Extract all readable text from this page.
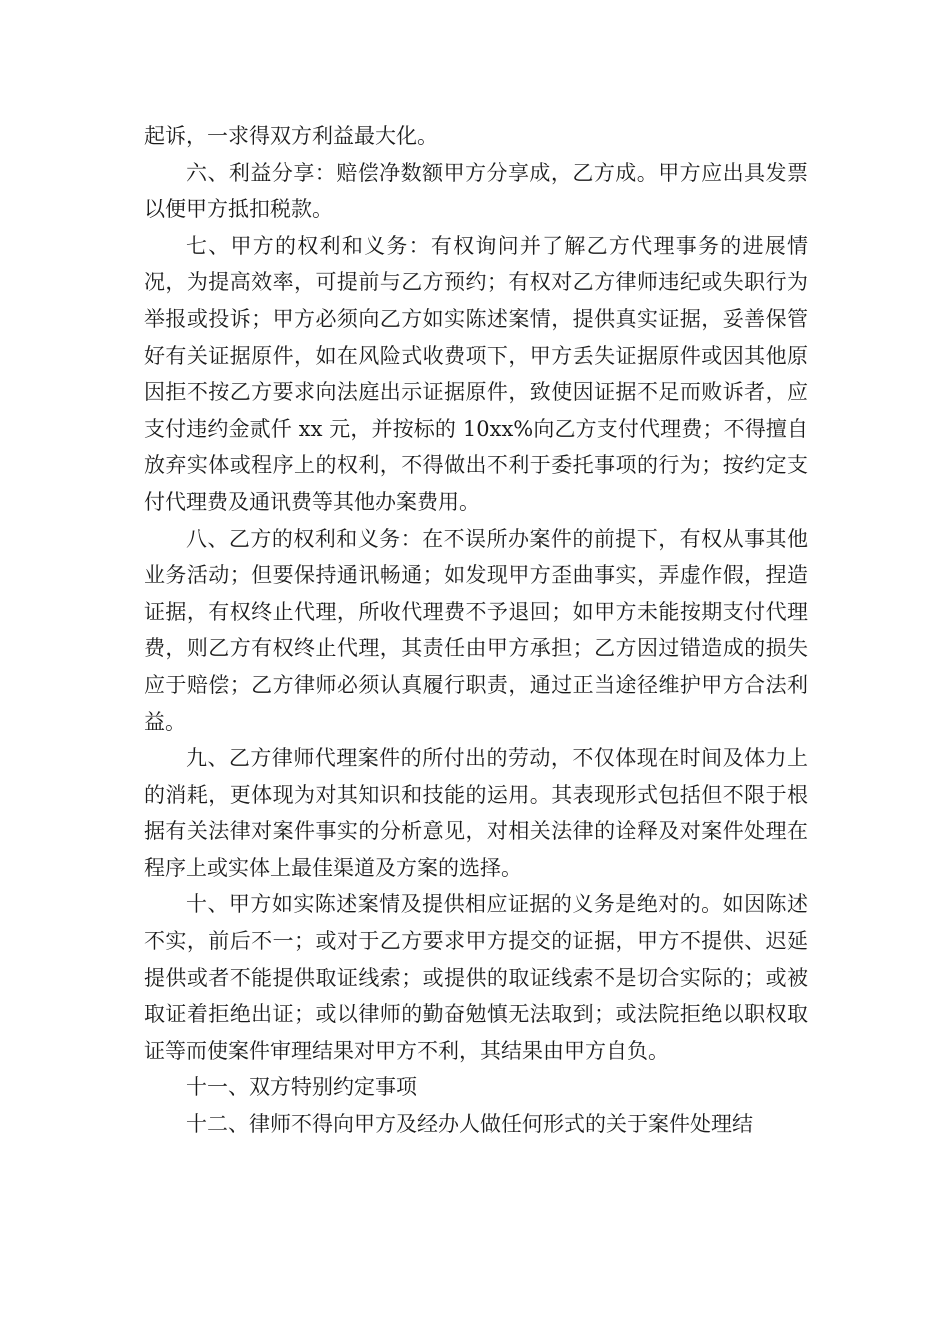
起诉，一求得双方利益最大化。

六、利益分享：赔偿净数额甲方分享成，乙方成。甲方应出具发票以便甲方抵扣税款。

七、甲方的权利和义务：有权询问并了解乙方代理事务的进展情况，为提高效率，可提前与乙方预约；有权对乙方律师违纪或失职行为举报或投诉；甲方必须向乙方如实陈述案情，提供真实证据，妥善保管好有关证据原件，如在风险式收费项下，甲方丢失证据原件或因其他原因拒不按乙方要求向法庭出示证据原件，致使因证据不足而败诉者，应支付违约金贰仟 xx 元，并按标的 10xx%向乙方支付代理费；不得擅自放弃实体或程序上的权利，不得做出不利于委托事项的行为；按约定支付代理费及通讯费等其他办案费用。

八、乙方的权利和义务：在不误所办案件的前提下，有权从事其他业务活动；但要保持通讯畅通；如发现甲方歪曲事实，弄虚作假，捏造证据，有权终止代理，所收代理费不予退回；如甲方未能按期支付代理费，则乙方有权终止代理，其责任由甲方承担；乙方因过错造成的损失应于赔偿；乙方律师必须认真履行职责，通过正当途径维护甲方合法利益。

九、乙方律师代理案件的所付出的劳动，不仅体现在时间及体力上的消耗，更体现为对其知识和技能的运用。其表现形式包括但不限于根据有关法律对案件事实的分析意见，对相关法律的诠释及对案件处理在程序上或实体上最佳渠道及方案的选择。

十、甲方如实陈述案情及提供相应证据的义务是绝对的。如因陈述不实，前后不一；或对于乙方要求甲方提交的证据，甲方不提供、迟延提供或者不能提供取证线索；或提供的取证线索不是切合实际的；或被取证着拒绝出证；或以律师的勤奋勉慎无法取到；或法院拒绝以职权取证等而使案件审理结果对甲方不利，其结果由甲方自负。

十一、双方特别约定事项

十二、律师不得向甲方及经办人做任何形式的关于案件处理结
